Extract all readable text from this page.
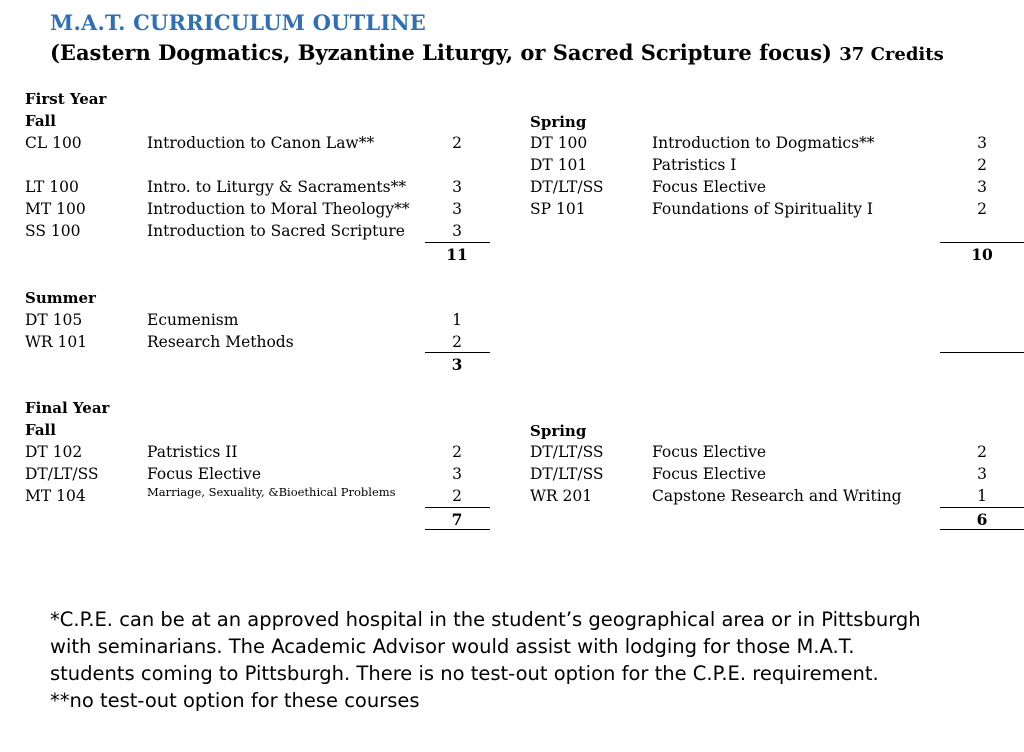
M.A.T. CURRICULUM OUTLINE
(Eastern Dogmatics, Byzantine Liturgy, or Sacred Scripture focus) 37 Credits
First Year
Fall	Spring
CL 100	Introduction to Canon Law**	2
LT 100	Intro. to Liturgy & Sacraments**	3
MT 100	Introduction to Moral Theology**	3
SS 100	Introduction to Sacred Scripture	3
11
DT 100	Introduction to Dogmatics**	3
DT 101	Patristics I	2
DT/LT/SS	Focus Elective	3
SP 101	Foundations of Spirituality I	2
10
Summer
DT 105	Ecumenism	1
WR 101	Research Methods	2
3
Final Year
Fall	Spring
DT 102	Patristics II	2
DT/LT/SS	Focus Elective	3
MT 104	Marriage, Sexuality, &Bioethical Problems	2
7
DT/LT/SS	Focus Elective	2
DT/LT/SS	Focus Elective	3
WR 201	Capstone Research and Writing	1
6
*C.P.E. can be at an approved hospital in the student’s geographical area or in Pittsburgh
with seminarians. The Academic Advisor would assist with lodging for those M.A.T.
students coming to Pittsburgh. There is no test-out option for the C.P.E. requirement.
**no test-out option for these courses
